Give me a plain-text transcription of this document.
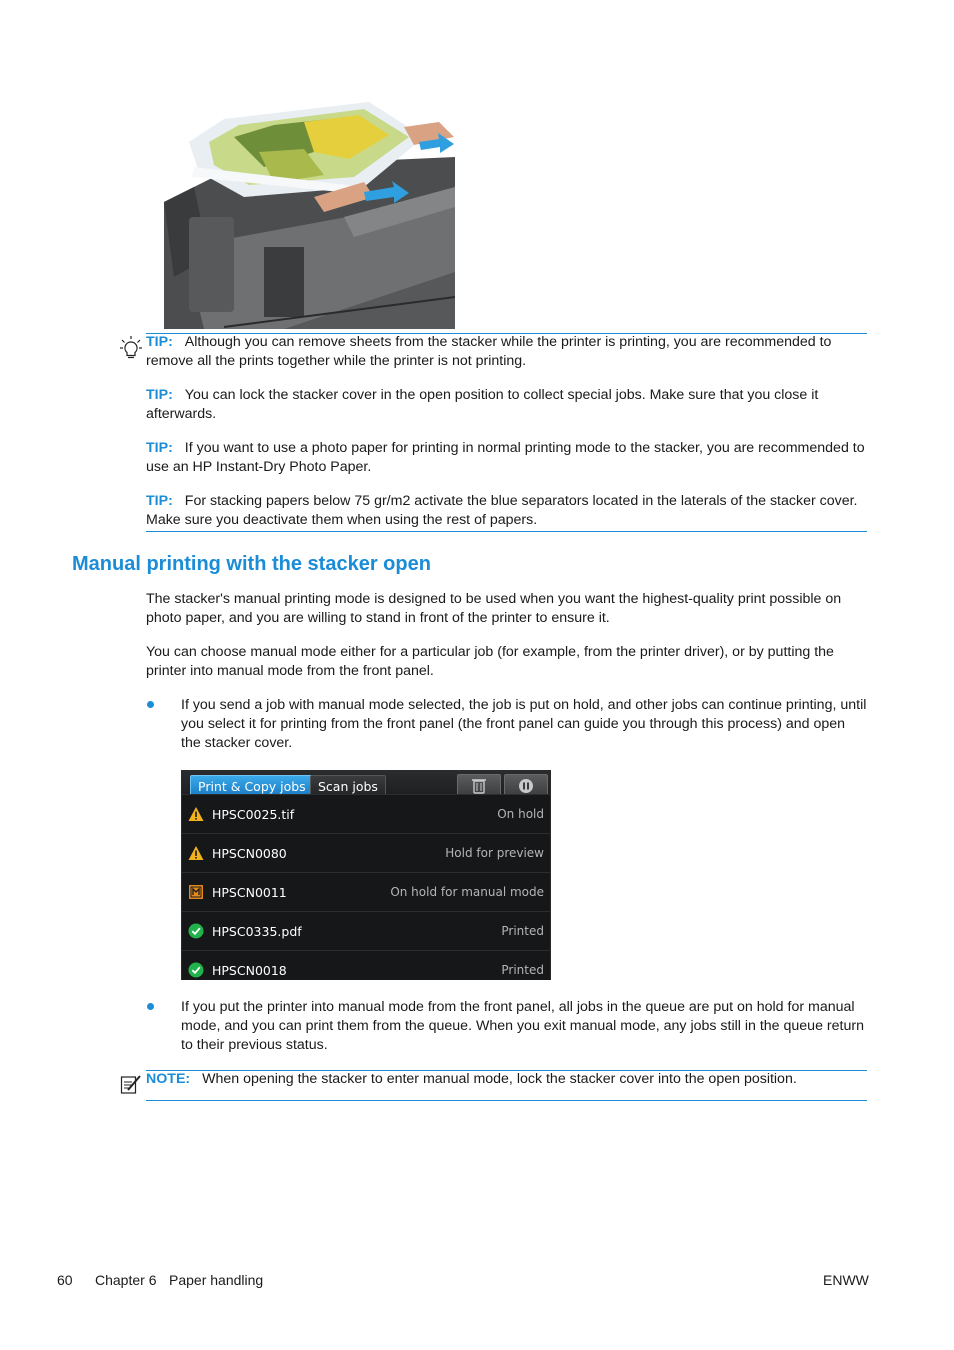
TIP: Although you can remove sheets from the stacker while the printer is printing, you are recommended to remove all the prints together while the printer is not printing.

TIP: You can lock the stacker cover in the open position to collect special jobs. Make sure that you close it afterwards.

TIP: If you want to use a photo paper for printing in normal printing mode to the stacker, you are recommended to use an HP Instant-Dry Photo Paper.

TIP: For stacking papers below 75 gr/m2 activate the blue separators located in the laterals of the stacker cover. Make sure you deactivate them when using the rest of papers.

Manual printing with the stacker open

The stacker's manual printing mode is designed to be used when you want the highest-quality print possible on photo paper, and you are willing to stand in front of the printer to ensure it.

You can choose manual mode either for a particular job (for example, from the printer driver), or by putting the printer into manual mode from the front panel.

If you send a job with manual mode selected, the job is put on hold, and other jobs can continue printing, until you select it for printing from the front panel (the front panel can guide you through this process) and open the stacker cover.

Print & Copy jobs Scan jobs
HPSC0025.tif	On hold
HPSCN0080	Hold for preview
HPSCN0011	On hold for manual mode
HPSC0335.pdf	Printed
HPSCN0018	Printed

If you put the printer into manual mode from the front panel, all jobs in the queue are put on hold for manual mode, and you can print them from the queue. When you exit manual mode, any jobs still in the queue return to their previous status.

NOTE: When opening the stacker to enter manual mode, lock the stacker cover into the open position.

60 Chapter 6 Paper handling	ENWW
